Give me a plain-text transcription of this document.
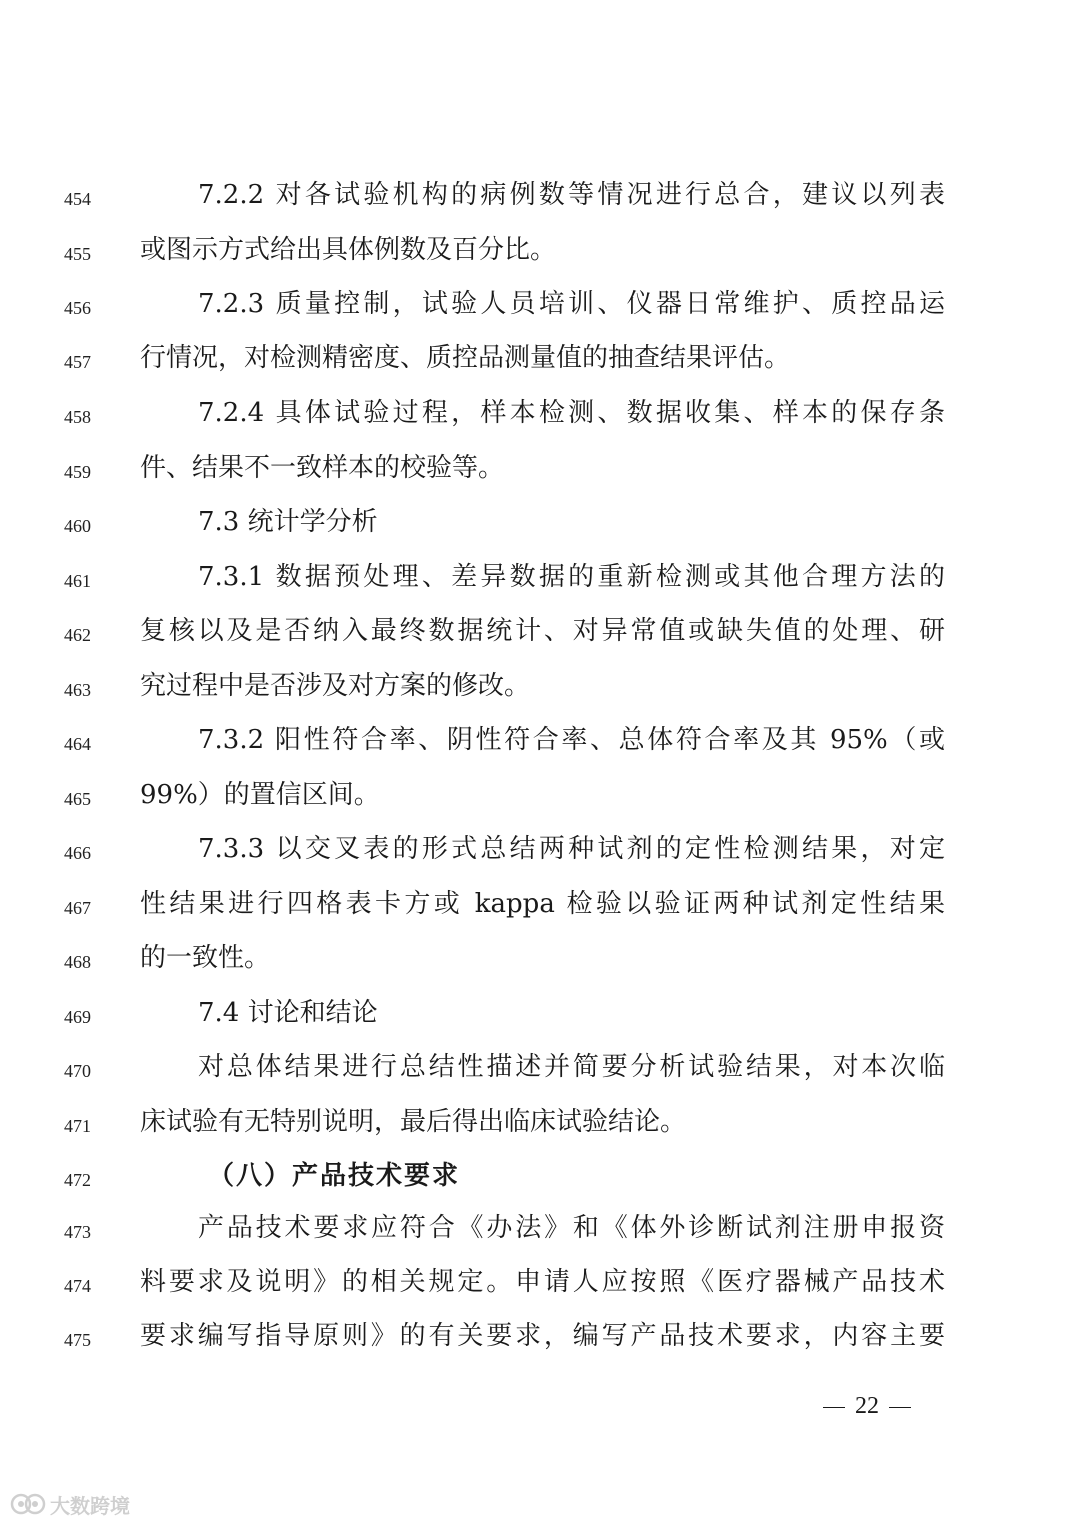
454	7.2.2 对各试验机构的病例数等情况进行总合，建议以列表
455	或图示方式给出具体例数及百分比。
456	7.2.3 质量控制，试验人员培训、仪器日常维护、质控品运
457	行情况，对检测精密度、质控品测量值的抽查结果评估。
458	7.2.4 具体试验过程，样本检测、数据收集、样本的保存条
459	件、结果不一致样本的校验等。
460	7.3 统计学分析
461	7.3.1 数据预处理、差异数据的重新检测或其他合理方法的
462	复核以及是否纳入最终数据统计、对异常值或缺失值的处理、研
463	究过程中是否涉及对方案的修改。
464	7.3.2 阳性符合率、阴性符合率、总体符合率及其 95%（或
465	99%）的置信区间。
466	7.3.3 以交叉表的形式总结两种试剂的定性检测结果，对定
467	性结果进行四格表卡方或 kappa 检验以验证两种试剂定性结果
468	的一致性。
469	7.4 讨论和结论
470	对总体结果进行总结性描述并简要分析试验结果，对本次临
471	床试验有无特别说明，最后得出临床试验结论。
472	（八）产品技术要求
473	产品技术要求应符合《办法》和《体外诊断试剂注册申报资
474	料要求及说明》的相关规定。申请人应按照《医疗器械产品技术
475	要求编写指导原则》的有关要求，编写产品技术要求，内容主要
22
大数跨境
